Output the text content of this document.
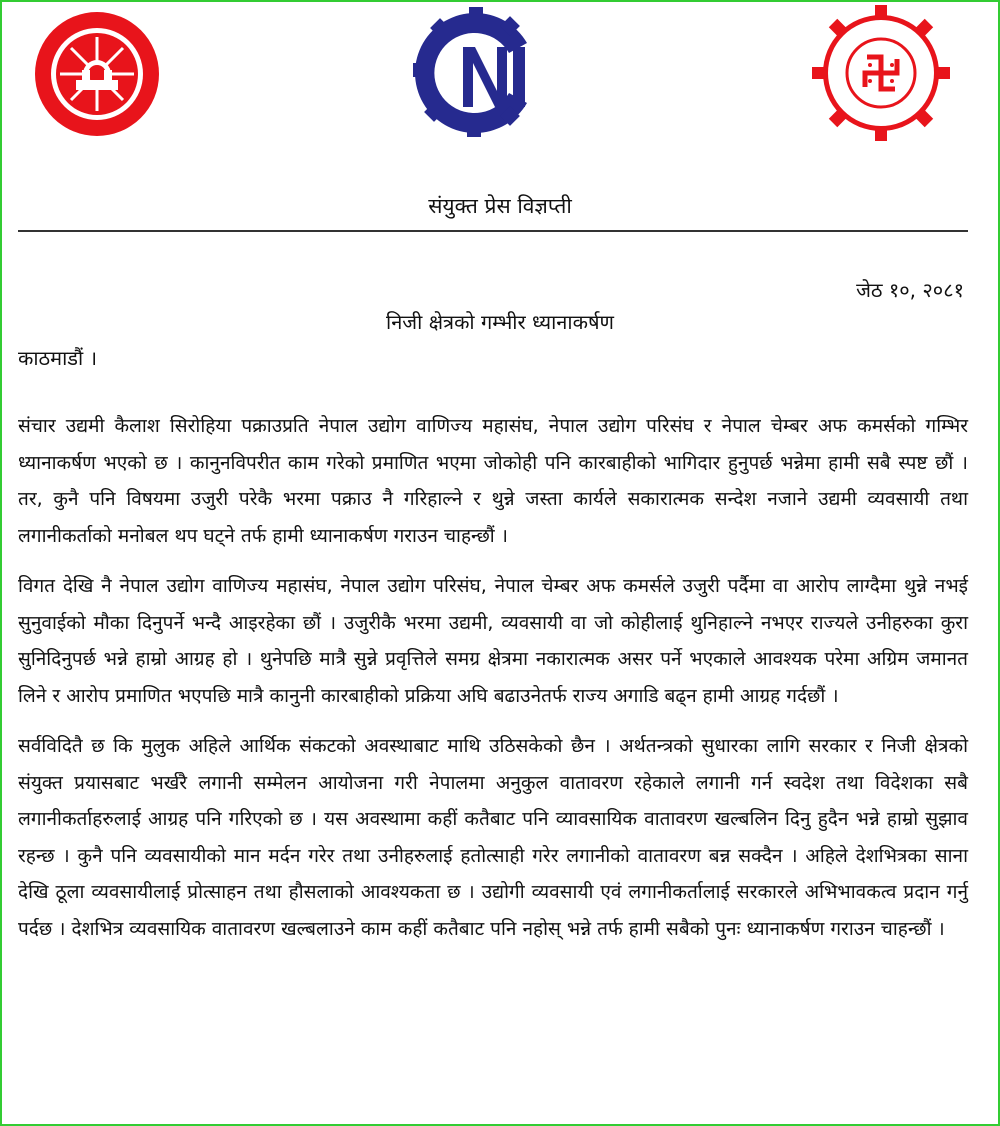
संयुक्त प्रेस विज्ञप्ती
जेठ १०, २०८१
निजी क्षेत्रको गम्भीर ध्यानाकर्षण
काठमाडौं ।

संचार उद्यमी कैलाश सिरोहिया पक्राउप्रति नेपाल उद्योग वाणिज्य महासंघ, नेपाल उद्योग परिसंघ र नेपाल चेम्बर अफ कमर्सको गम्भिर ध्यानाकर्षण भएको छ । कानुनविपरीत काम गरेको प्रमाणित भएमा जोकोही पनि कारबाहीको भागिदार हुनुपर्छ भन्नेमा हामी सबै स्पष्ट छौं । तर, कुनै पनि विषयमा उजुरी परेकै भरमा पक्राउ नै गरिहाल्ने र थुन्ने जस्ता कार्यले सकारात्मक सन्देश नजाने उद्यमी व्यवसायी तथा लगानीकर्ताको मनोबल थप घट्ने तर्फ हामी ध्यानाकर्षण गराउन चाहन्छौं ।

विगत देखि नै नेपाल उद्योग वाणिज्य महासंघ, नेपाल उद्योग परिसंघ, नेपाल चेम्बर अफ कमर्सले उजुरी पर्दैमा वा आरोप लाग्दैमा थुन्ने नभई सुनुवाईको मौका दिनुपर्ने भन्दै आइरहेका छौं । उजुरीकै भरमा उद्यमी, व्यवसायी वा जो कोहीलाई थुनिहाल्ने नभएर राज्यले उनीहरुका कुरा सुनिदिनुपर्छ भन्ने हाम्रो आग्रह हो । थुनेपछि मात्रै सुन्ने प्रवृत्तिले समग्र क्षेत्रमा नकारात्मक असर पर्ने भएकाले आवश्यक परेमा अग्रिम जमानत लिने र आरोप प्रमाणित भएपछि मात्रै कानुनी कारबाहीको प्रक्रिया अघि बढाउनेतर्फ राज्य अगाडि बढ्न हामी आग्रह गर्दछौं ।

सर्वविदितै छ कि मुलुक अहिले आर्थिक संकटको अवस्थाबाट माथि उठिसकेको छैन । अर्थतन्त्रको सुधारका लागि सरकार र निजी क्षेत्रको संयुक्त प्रयासबाट भर्खरै लगानी सम्मेलन आयोजना गरी नेपालमा अनुकुल वातावरण रहेकाले लगानी गर्न स्वदेश तथा विदेशका सबै लगानीकर्ताहरुलाई आग्रह पनि गरिएको छ । यस अवस्थामा कहीं कतैबाट पनि व्यावसायिक वातावरण खल्बलिन दिनु हुदैन भन्ने हाम्रो सुझाव रहन्छ । कुनै पनि व्यवसायीको मान मर्दन गरेर तथा उनीहरुलाई हतोत्साही गरेर लगानीको वातावरण बन्न सक्दैन । अहिले देशभित्रका साना देखि ठूला व्यवसायीलाई प्रोत्साहन तथा हौसलाको आवश्यकता छ । उद्योगी व्यवसायी एवं लगानीकर्तालाई सरकारले अभिभावकत्व प्रदान गर्नु पर्दछ । देशभित्र व्यवसायिक वातावरण खल्बलाउने काम कहीं कतैबाट पनि नहोस् भन्ने तर्फ हामी सबैको पुनः ध्यानाकर्षण गराउन चाहन्छौं ।
